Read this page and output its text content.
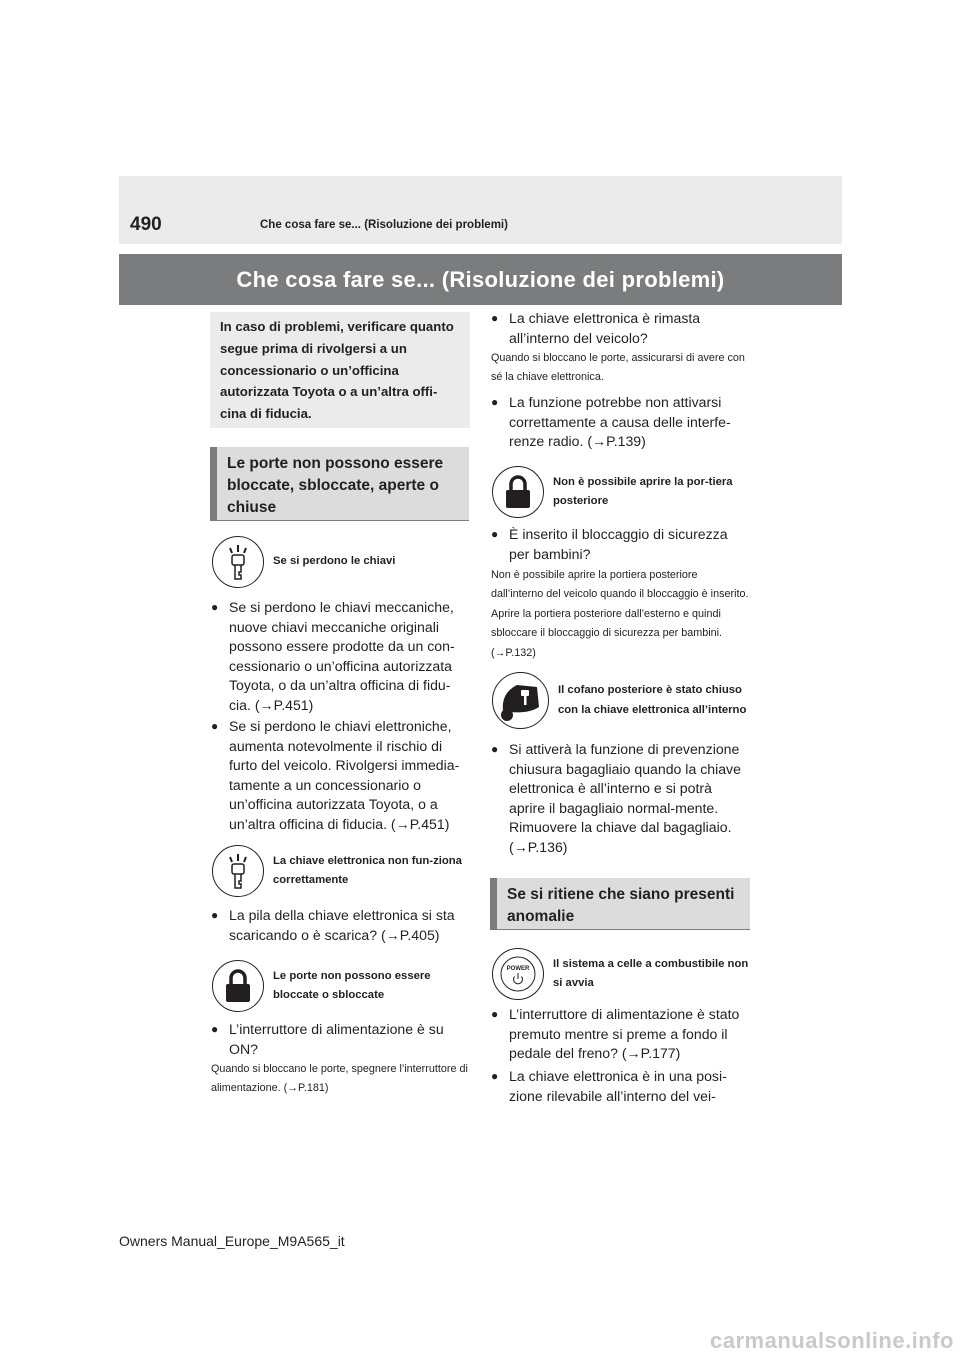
490	Che cosa fare se... (Risoluzione dei problemi)
Che cosa fare se... (Risoluzione dei problemi)
In caso di problemi, verificare quanto segue prima di rivolgersi a un concessionario o un’officina autorizzata Toyota o a un’altra offi-cina di fiducia.
Le porte non possono essere bloccate, sbloccate, aperte o chiuse
Se si perdono le chiavi
● Se si perdono le chiavi meccaniche, nuove chiavi meccaniche originali possono essere prodotte da un con-cessionario o un’officina autorizzata Toyota, o da un’altra officina di fidu-cia. (→P.451)
● Se si perdono le chiavi elettroniche, aumenta notevolmente il rischio di furto del veicolo. Rivolgersi immedia-tamente a un concessionario o un’officina autorizzata Toyota, o a un’altra officina di fiducia. (→P.451)
La chiave elettronica non fun-ziona correttamente
● La pila della chiave elettronica si sta scaricando o è scarica? (→P.405)
Le porte non possono essere bloccate o sbloccate
● L’interruttore di alimentazione è su ON?
Quando si bloccano le porte, spegnere l’interruttore di alimentazione. (→P.181)
● La chiave elettronica è rimasta all’interno del veicolo?
Quando si bloccano le porte, assicurarsi di avere con sé la chiave elettronica.
● La funzione potrebbe non attivarsi correttamente a causa delle interfe-renze radio. (→P.139)
Non è possibile aprire la por-tiera posteriore
● È inserito il bloccaggio di sicurezza per bambini?
Non è possibile aprire la portiera posteriore dall’interno del veicolo quando il bloccaggio è inserito. Aprire la portiera posteriore dall’esterno e quindi sbloccare il bloccaggio di sicurezza per bambini. (→P.132)
Il cofano posteriore è stato chiuso con la chiave elettronica all’interno
● Si attiverà la funzione di prevenzione chiusura bagagliaio quando la chiave elettronica è all’interno e si potrà aprire il bagagliaio normal-mente. Rimuovere la chiave dal bagagliaio. (→P.136)
Se si ritiene che siano presenti anomalie
POWER Il sistema a celle a combustibile non si avvia
● L’interruttore di alimentazione è stato premuto mentre si preme a fondo il pedale del freno? (→P.177)
● La chiave elettronica è in una posi-zione rilevabile all’interno del vei-
Owners Manual_Europe_M9A565_it
carmanualsonline.info
